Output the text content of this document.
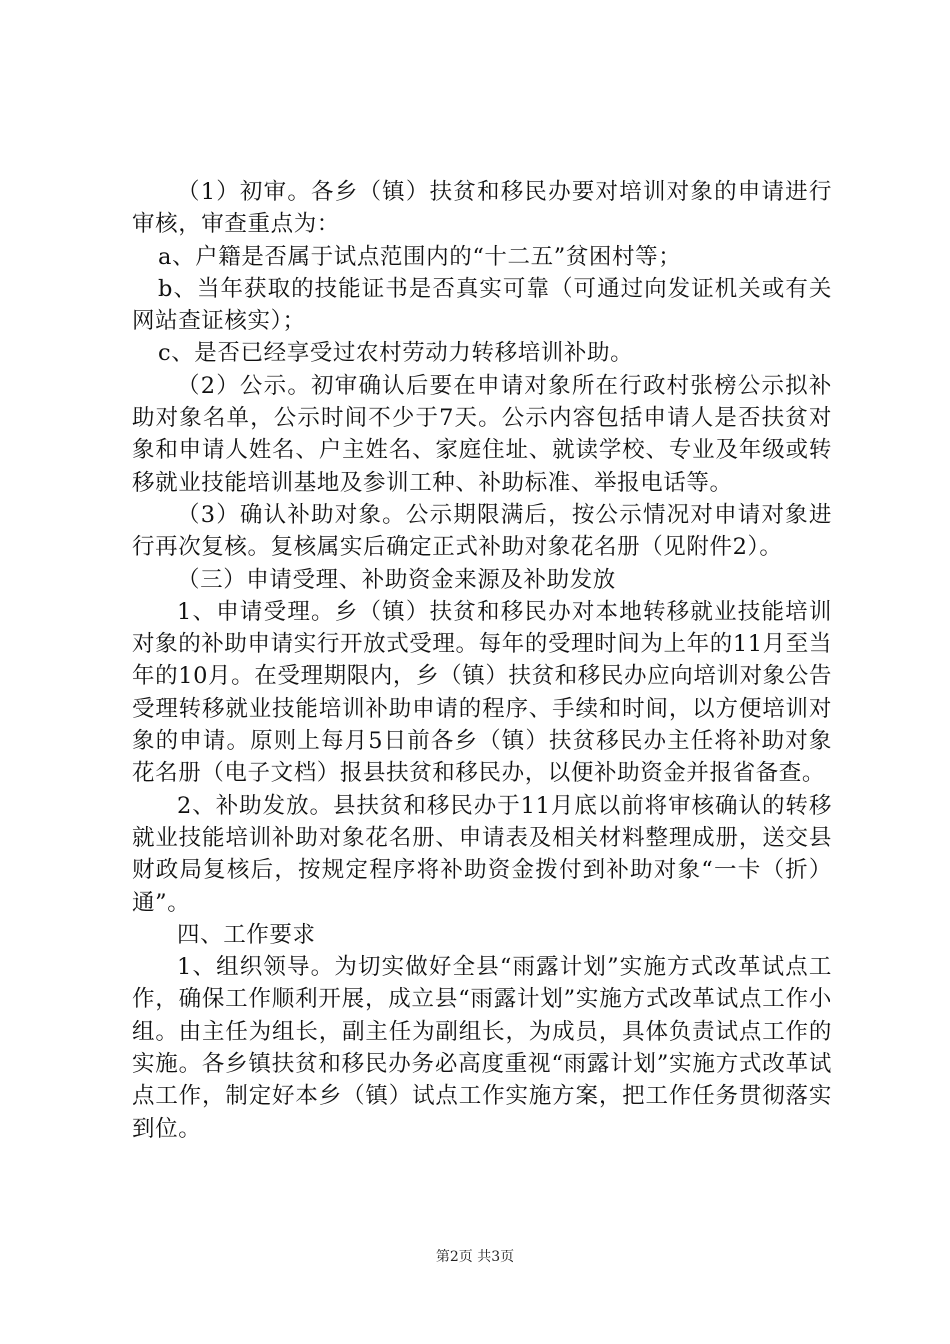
（1）初审。各乡（镇）扶贫和移民办要对培训对象的申请进行审核，审查重点为：

a、户籍是否属于试点范围内的“十二五”贫困村等；

b、当年获取的技能证书是否真实可靠（可通过向发证机关或有关网站查证核实）；

c、是否已经享受过农村劳动力转移培训补助。

（2）公示。初审确认后要在申请对象所在行政村张榜公示拟补助对象名单，公示时间不少于7天。公示内容包括申请人是否扶贫对象和申请人姓名、户主姓名、家庭住址、就读学校、专业及年级或转移就业技能培训基地及参训工种、补助标准、举报电话等。

（3）确认补助对象。公示期限满后，按公示情况对申请对象进行再次复核。复核属实后确定正式补助对象花名册（见附件2）。

（三）申请受理、补助资金来源及补助发放

1、申请受理。乡（镇）扶贫和移民办对本地转移就业技能培训对象的补助申请实行开放式受理。每年的受理时间为上年的11月至当年的10月。在受理期限内，乡（镇）扶贫和移民办应向培训对象公告受理转移就业技能培训补助申请的程序、手续和时间，以方便培训对象的申请。原则上每月5日前各乡（镇）扶贫移民办主任将补助对象花名册（电子文档）报县扶贫和移民办，以便补助资金并报省备查。

2、补助发放。县扶贫和移民办于11月底以前将审核确认的转移就业技能培训补助对象花名册、申请表及相关材料整理成册，送交县财政局复核后，按规定程序将补助资金拨付到补助对象“一卡（折）通”。

四、工作要求

1、组织领导。为切实做好全县“雨露计划”实施方式改革试点工作，确保工作顺利开展，成立县“雨露计划”实施方式改革试点工作小组。由主任为组长，副主任为副组长，为成员，具体负责试点工作的实施。各乡镇扶贫和移民办务必高度重视“雨露计划”实施方式改革试点工作，制定好本乡（镇）试点工作实施方案，把工作任务贯彻落实到位。

第2页 共3页
